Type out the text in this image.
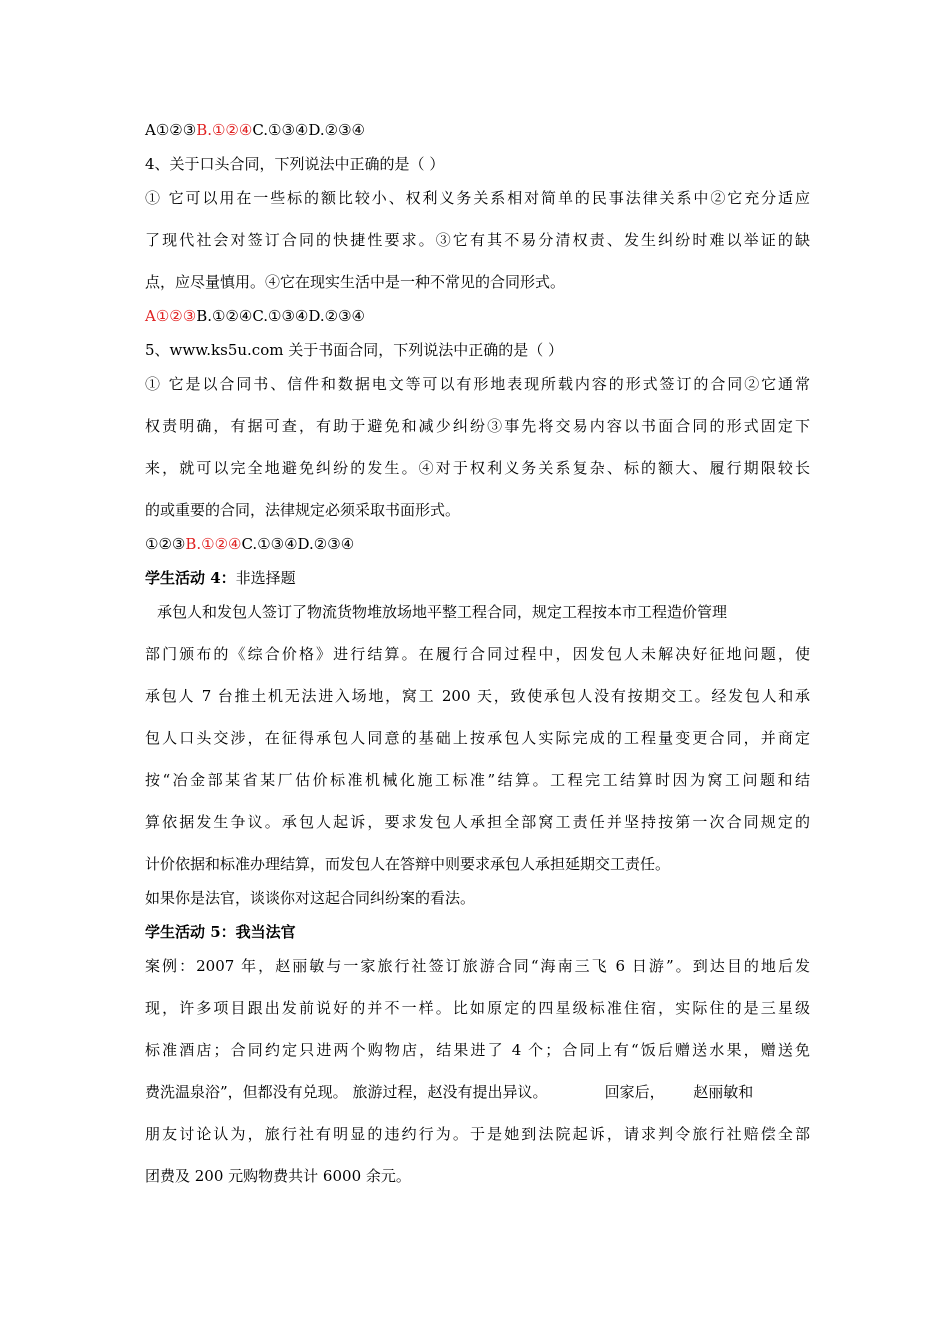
A①②③B.①②④C.①③④D.②③④
4、关于口头合同，下列说法中正确的是（ ）
① 它可以用在一些标的额比较小、权利义务关系相对简单的民事法律关系中②它充分适应
了现代社会对签订合同的快捷性要求。③它有其不易分清权责、发生纠纷时难以举证的缺
点，应尽量慎用。④它在现实生活中是一种不常见的合同形式。
A①②③B.①②④C.①③④D.②③④
5、www.ks5u.com 关于书面合同，下列说法中正确的是（ ）
① 它是以合同书、信件和数据电文等可以有形地表现所载内容的形式签订的合同②它通常
权责明确，有据可查，有助于避免和减少纠纷③事先将交易内容以书面合同的形式固定下
来，就可以完全地避免纠纷的发生。④对于权利义务关系复杂、标的额大、履行期限较长
的或重要的合同，法律规定必须采取书面形式。
①②③B.①②④C.①③④D.②③④
学生活动 4：非选择题
承包人和发包人签订了物流货物堆放场地平整工程合同，规定工程按本市工程造价管理
部门颁布的《综合价格》进行结算。在履行合同过程中，因发包人未解决好征地问题，使
承包人 7 台推土机无法进入场地，窝工 200 天，致使承包人没有按期交工。经发包人和承
包人口头交涉，在征得承包人同意的基础上按承包人实际完成的工程量变更合同，并商定
按“冶金部某省某厂估价标准机械化施工标准”结算。工程完工结算时因为窝工问题和结
算依据发生争议。承包人起诉，要求发包人承担全部窝工责任并坚持按第一次合同规定的
计价依据和标准办理结算，而发包人在答辩中则要求承包人承担延期交工责任。
如果你是法官，谈谈你对这起合同纠纷案的看法。
学生活动 5：我当法官
案例：2007 年，赵丽敏与一家旅行社签订旅游合同“海南三飞 6 日游”。到达目的地后发
现，许多项目跟出发前说好的并不一样。比如原定的四星级标准住宿，实际住的是三星级
标准酒店；合同约定只进两个购物店，结果进了 4 个；合同上有“饭后赠送水果，赠送免
费洗温泉浴”，但都没有兑现。 旅游过程，赵没有提出异议。            回家后，      赵丽敏和
朋友讨论认为，旅行社有明显的违约行为。于是她到法院起诉，请求判令旅行社赔偿全部
团费及 200 元购物费共计 6000 余元。
